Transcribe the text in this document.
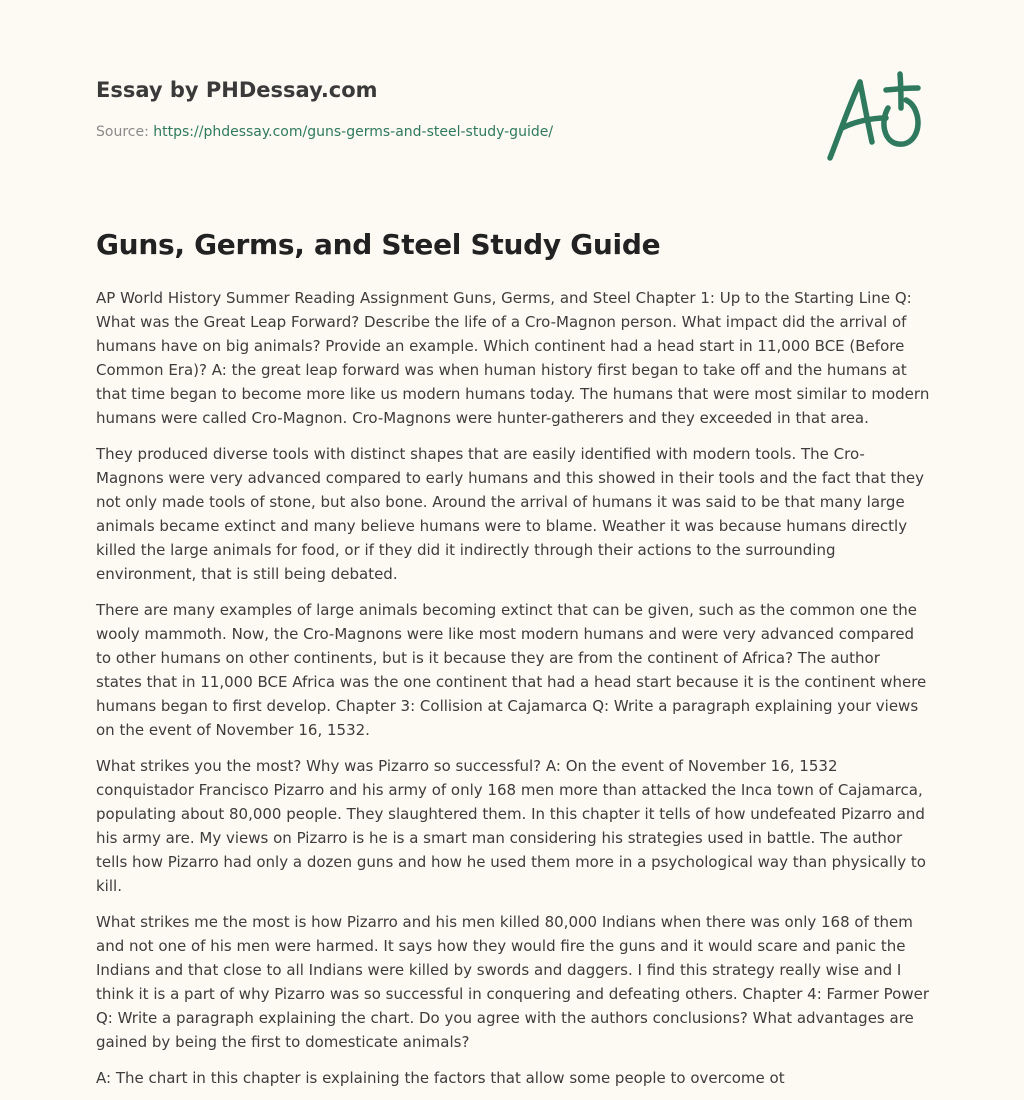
Essay by PHDessay.com
Source: https://phdessay.com/guns-germs-and-steel-study-guide/
Guns, Germs, and Steel Study Guide

AP World History Summer Reading Assignment Guns, Germs, and Steel Chapter 1: Up to the Starting Line Q: What was the Great Leap Forward? Describe the life of a Cro-Magnon person. What impact did the arrival of humans have on big animals? Provide an example. Which continent had a head start in 11,000 BCE (Before Common Era)? A: the great leap forward was when human history first began to take off and the humans at that time began to become more like us modern humans today. The humans that were most similar to modern humans were called Cro-Magnon. Cro-Magnons were hunter-gatherers and they exceeded in that area.

They produced diverse tools with distinct shapes that are easily identified with modern tools. The Cro-Magnons were very advanced compared to early humans and this showed in their tools and the fact that they not only made tools of stone, but also bone. Around the arrival of humans it was said to be that many large animals became extinct and many believe humans were to blame. Weather it was because humans directly killed the large animals for food, or if they did it indirectly through their actions to the surrounding environment, that is still being debated.

There are many examples of large animals becoming extinct that can be given, such as the common one the wooly mammoth. Now, the Cro-Magnons were like most modern humans and were very advanced compared to other humans on other continents, but is it because they are from the continent of Africa? The author states that in 11,000 BCE Africa was the one continent that had a head start because it is the continent where humans began to first develop. Chapter 3: Collision at Cajamarca Q: Write a paragraph explaining your views on the event of November 16, 1532.

What strikes you the most? Why was Pizarro so successful? A: On the event of November 16, 1532 conquistador Francisco Pizarro and his army of only 168 men more than attacked the Inca town of Cajamarca, populating about 80,000 people. They slaughtered them. In this chapter it tells of how undefeated Pizarro and his army are. My views on Pizarro is he is a smart man considering his strategies used in battle. The author tells how Pizarro had only a dozen guns and how he used them more in a psychological way than physically to kill.

What strikes me the most is how Pizarro and his men killed 80,000 Indians when there was only 168 of them and not one of his men were harmed. It says how they would fire the guns and it would scare and panic the Indians and that close to all Indians were killed by swords and daggers. I find this strategy really wise and I think it is a part of why Pizarro was so successful in conquering and defeating others. Chapter 4: Farmer Power Q: Write a paragraph explaining the chart. Do you agree with the authors conclusions? What advantages are gained by being the first to domesticate animals?

A: The chart in this chapter is explaining the factors that allow some people to overcome ot
